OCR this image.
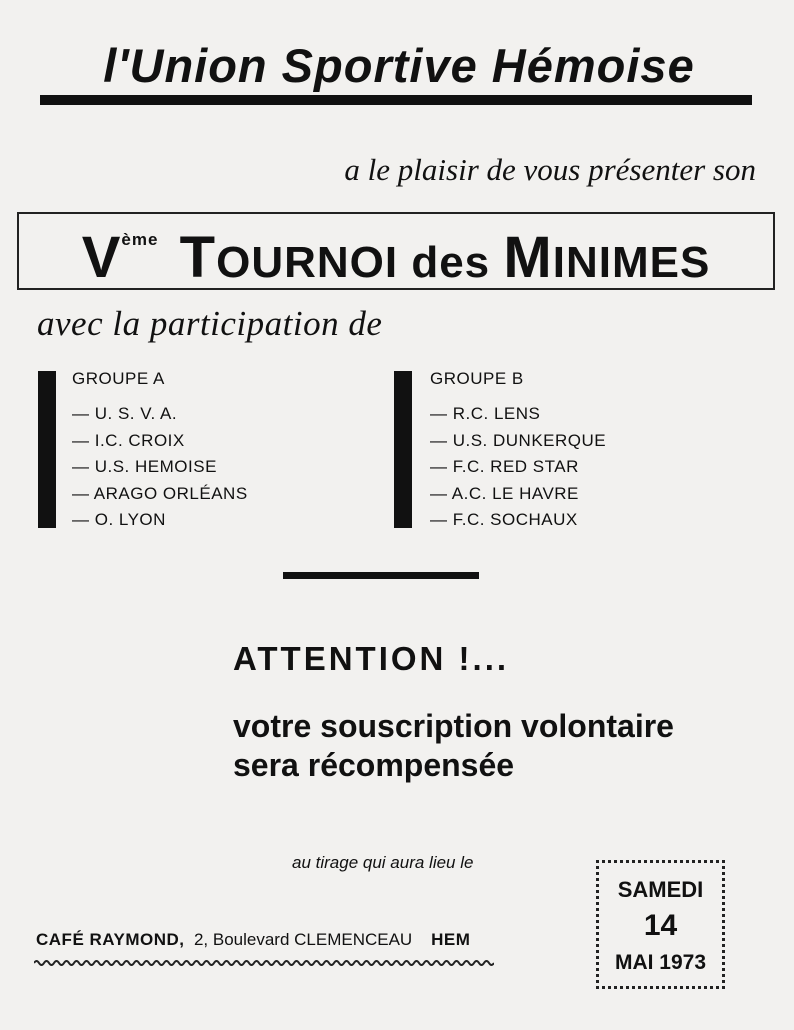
l'Union Sportive Hémoise
a le plaisir de vous présenter son
Vème TOURNOI des MINIMES
avec la participation de
GROUPE A
— U. S. V. A.
— I.C. CROIX
— U.S. HEMOISE
— ARAGO ORLÉANS
— O. LYON
GROUPE B
— R.C. LENS
— U.S. DUNKERQUE
— F.C. RED STAR
— A.C. LE HAVRE
— F.C. SOCHAUX
ATTENTION !...
votre souscription volontaire
sera récompensée
au tirage qui aura lieu le
SAMEDI
14
MAI 1973
CAFÉ RAYMOND, 2, Boulevard CLEMENCEAU HEM
